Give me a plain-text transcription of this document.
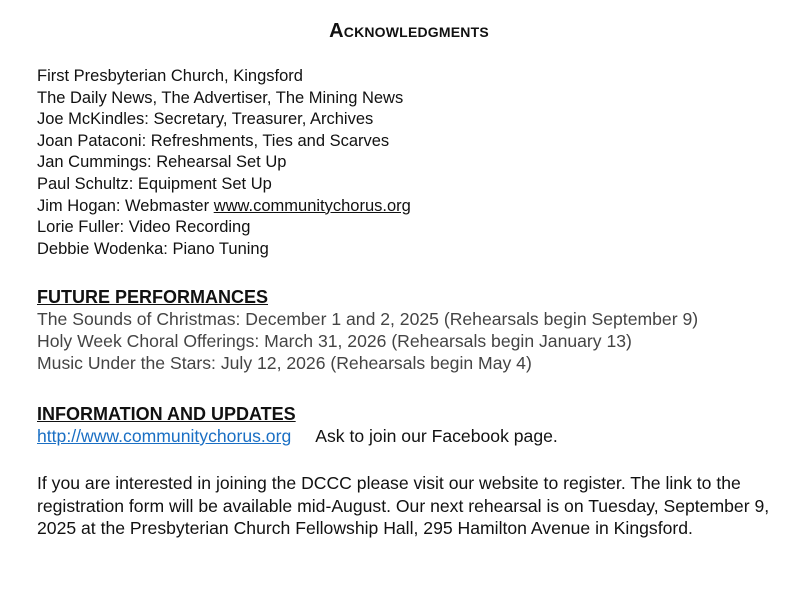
Acknowledgments
First Presbyterian Church, Kingsford
The Daily News, The Advertiser, The Mining News
Joe McKindles: Secretary, Treasurer, Archives
Joan Pataconi: Refreshments, Ties and Scarves
Jan Cummings: Rehearsal Set Up
Paul Schultz: Equipment Set Up
Jim Hogan: Webmaster www.communitychorus.org
Lorie Fuller: Video Recording
Debbie Wodenka: Piano Tuning
FUTURE PERFORMANCES
The Sounds of Christmas: December 1 and 2, 2025 (Rehearsals begin September 9)
Holy Week Choral Offerings: March 31, 2026 (Rehearsals begin January 13)
Music Under the Stars: July 12, 2026 (Rehearsals begin May 4)
INFORMATION AND UPDATES
http://www.communitychorus.org Ask to join our Facebook page.

If you are interested in joining the DCCC please visit our website to register. The link to the registration form will be available mid-August. Our next rehearsal is on Tuesday, September 9, 2025 at the Presbyterian Church Fellowship Hall, 295 Hamilton Avenue in Kingsford.
